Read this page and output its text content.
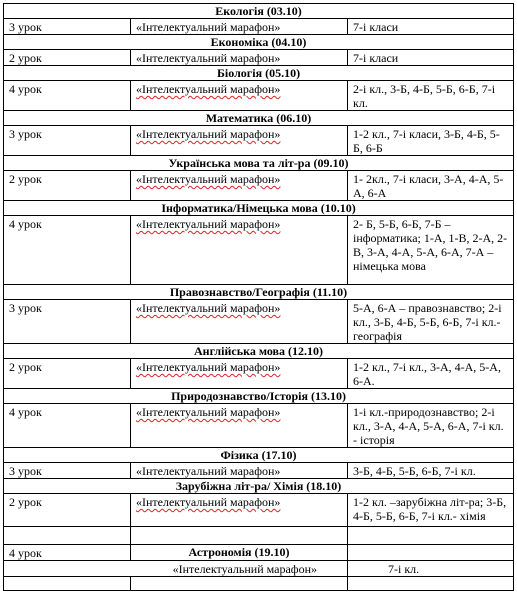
Екологія (03.10)		
3 урок	«Інтелектуальний марафон»	7-і класи
Економіка (04.10)		
2 урок	«Інтелектуальний марафон»	7-і класи
Біологія (05.10)		
4 урок	«Інтелектуальний марафон»	2-і кл., 3-Б, 4-Б, 5-Б, 6-Б, 7-і кл.
Математика (06.10)		
3 урок	«Інтелектуальний марафон»	1-2 кл., 7-і класи, 3-Б, 4-Б, 5-Б, 6-Б
Українська мова та літ-ра (09.10)		
2 урок	«Інтелектуальний марафон»	1- 2кл., 7-і класи, 3-А, 4-А, 5-А, 6-А
Інформатика/Німецька мова (10.10)		
4 урок	«Інтелектуальний марафон»	2- Б, 5-Б, 6-Б, 7-Б – інформатика; 1-А, 1-В, 2-А, 2-В, 3-А, 4-А, 5-А, 6-А, 7-А –німецька мова
Правознавство/Географія (11.10)		
3 урок	«Інтелектуальний марафон»	5-А, 6-А – правознавство; 2-і кл., 3-Б, 4-Б, 5-Б, 6-Б, 7-і кл.- географія
Англійська мова (12.10)		
2 урок	«Інтелектуальний марафон»	1-2 кл., 7-і кл., 3-А, 4-А, 5-А, 6-А.
Природознавство/Історія (13.10)		
4 урок	«Інтелектуальний марафон»	1-і кл.-природознавство; 2-і кл., 3-А, 4-А, 5-А, 6-А, 7-і кл. - історія
Фізика (17.10)		
3 урок	«Інтелектуальний марафон»	3-Б, 4-Б, 5-Б, 6-Б, 7-і кл.
Зарубіжна літ-ра/ Хімія (18.10)		
2 урок	«Інтелектуальний марафон»	1-2 кл. –зарубіжна літ-ра; 3-Б, 4-Б, 5-Б, 6-Б, 7-і кл.- хімія

4 урок	Астрономія (19.10)	
	«Інтелектуальний марафон»	7-і кл.
